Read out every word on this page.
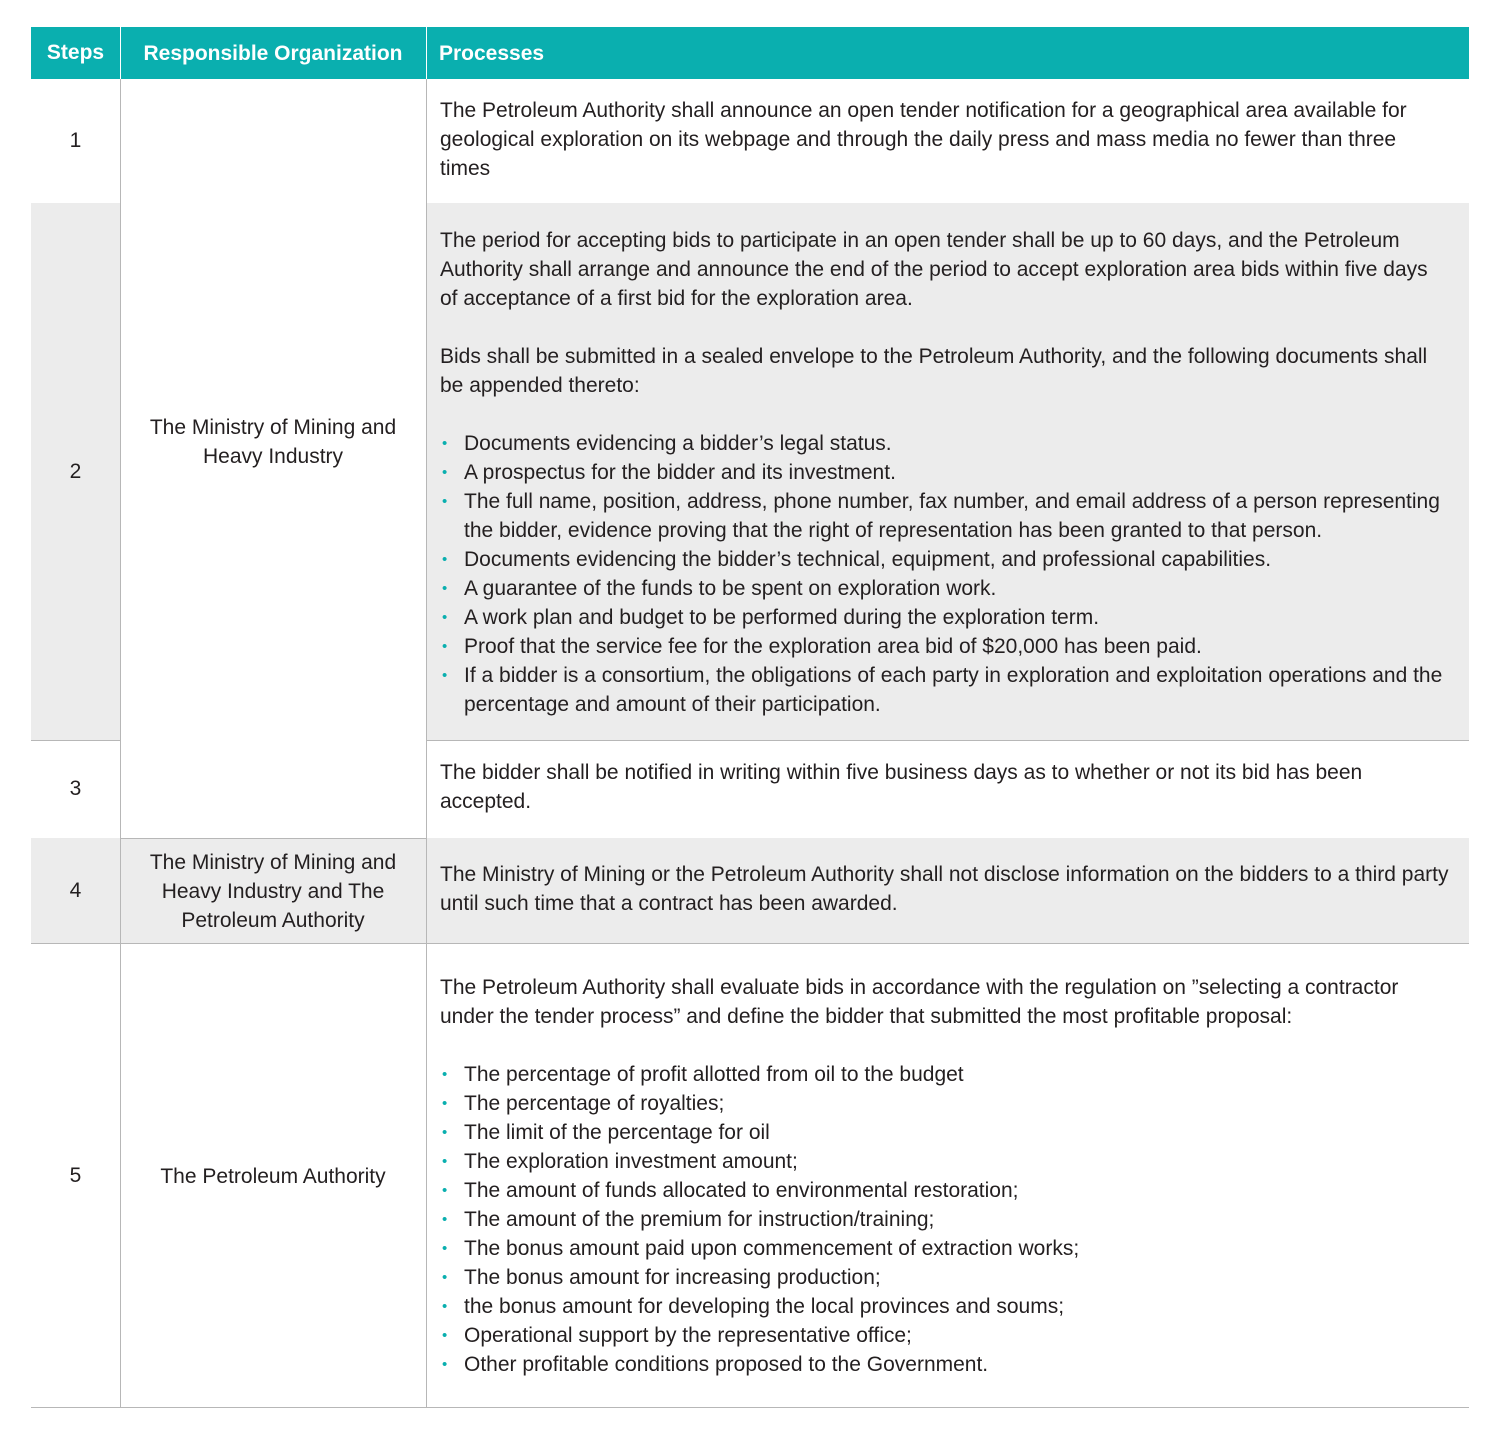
Steps	Responsible Organization	Processes
1
2
3
4
5
The Ministry of Mining and Heavy Industry
The Ministry of Mining and Heavy Industry and The Petroleum Authority
The Petroleum Authority

The Petroleum Authority shall announce an open tender notification for a geographical area available for geological exploration on its webpage and through the daily press and mass media no fewer than three times

The period for accepting bids to participate in an open tender shall be up to 60 days, and the Petroleum Authority shall arrange and announce the end of the period to accept exploration area bids within five days of acceptance of a first bid for the exploration area.

Bids shall be submitted in a sealed envelope to the Petroleum Authority, and the following documents shall be appended thereto:

• Documents evidencing a bidder’s legal status.
• A prospectus for the bidder and its investment.
• The full name, position, address, phone number, fax number, and email address of a person representing the bidder, evidence proving that the right of representation has been granted to that person.
• Documents evidencing the bidder’s technical, equipment, and professional capabilities.
• A guarantee of the funds to be spent on exploration work.
• A work plan and budget to be performed during the exploration term.
• Proof that the service fee for the exploration area bid of $20,000 has been paid.
• If a bidder is a consortium, the obligations of each party in exploration and exploitation operations and the percentage and amount of their participation.

The bidder shall be notified in writing within five business days as to whether or not its bid has been accepted.

The Ministry of Mining or the Petroleum Authority shall not disclose information on the bidders to a third party until such time that a contract has been awarded.

The Petroleum Authority shall evaluate bids in accordance with the regulation on ”selecting a contractor under the tender process” and define the bidder that submitted the most profitable proposal:

• The percentage of profit allotted from oil to the budget
• The percentage of royalties;
• The limit of the percentage for oil
• The exploration investment amount;
• The amount of funds allocated to environmental restoration;
• The amount of the premium for instruction/training;
• The bonus amount paid upon commencement of extraction works;
• The bonus amount for increasing production;
• the bonus amount for developing the local provinces and soums;
• Operational support by the representative office;
• Other profitable conditions proposed to the Government.
